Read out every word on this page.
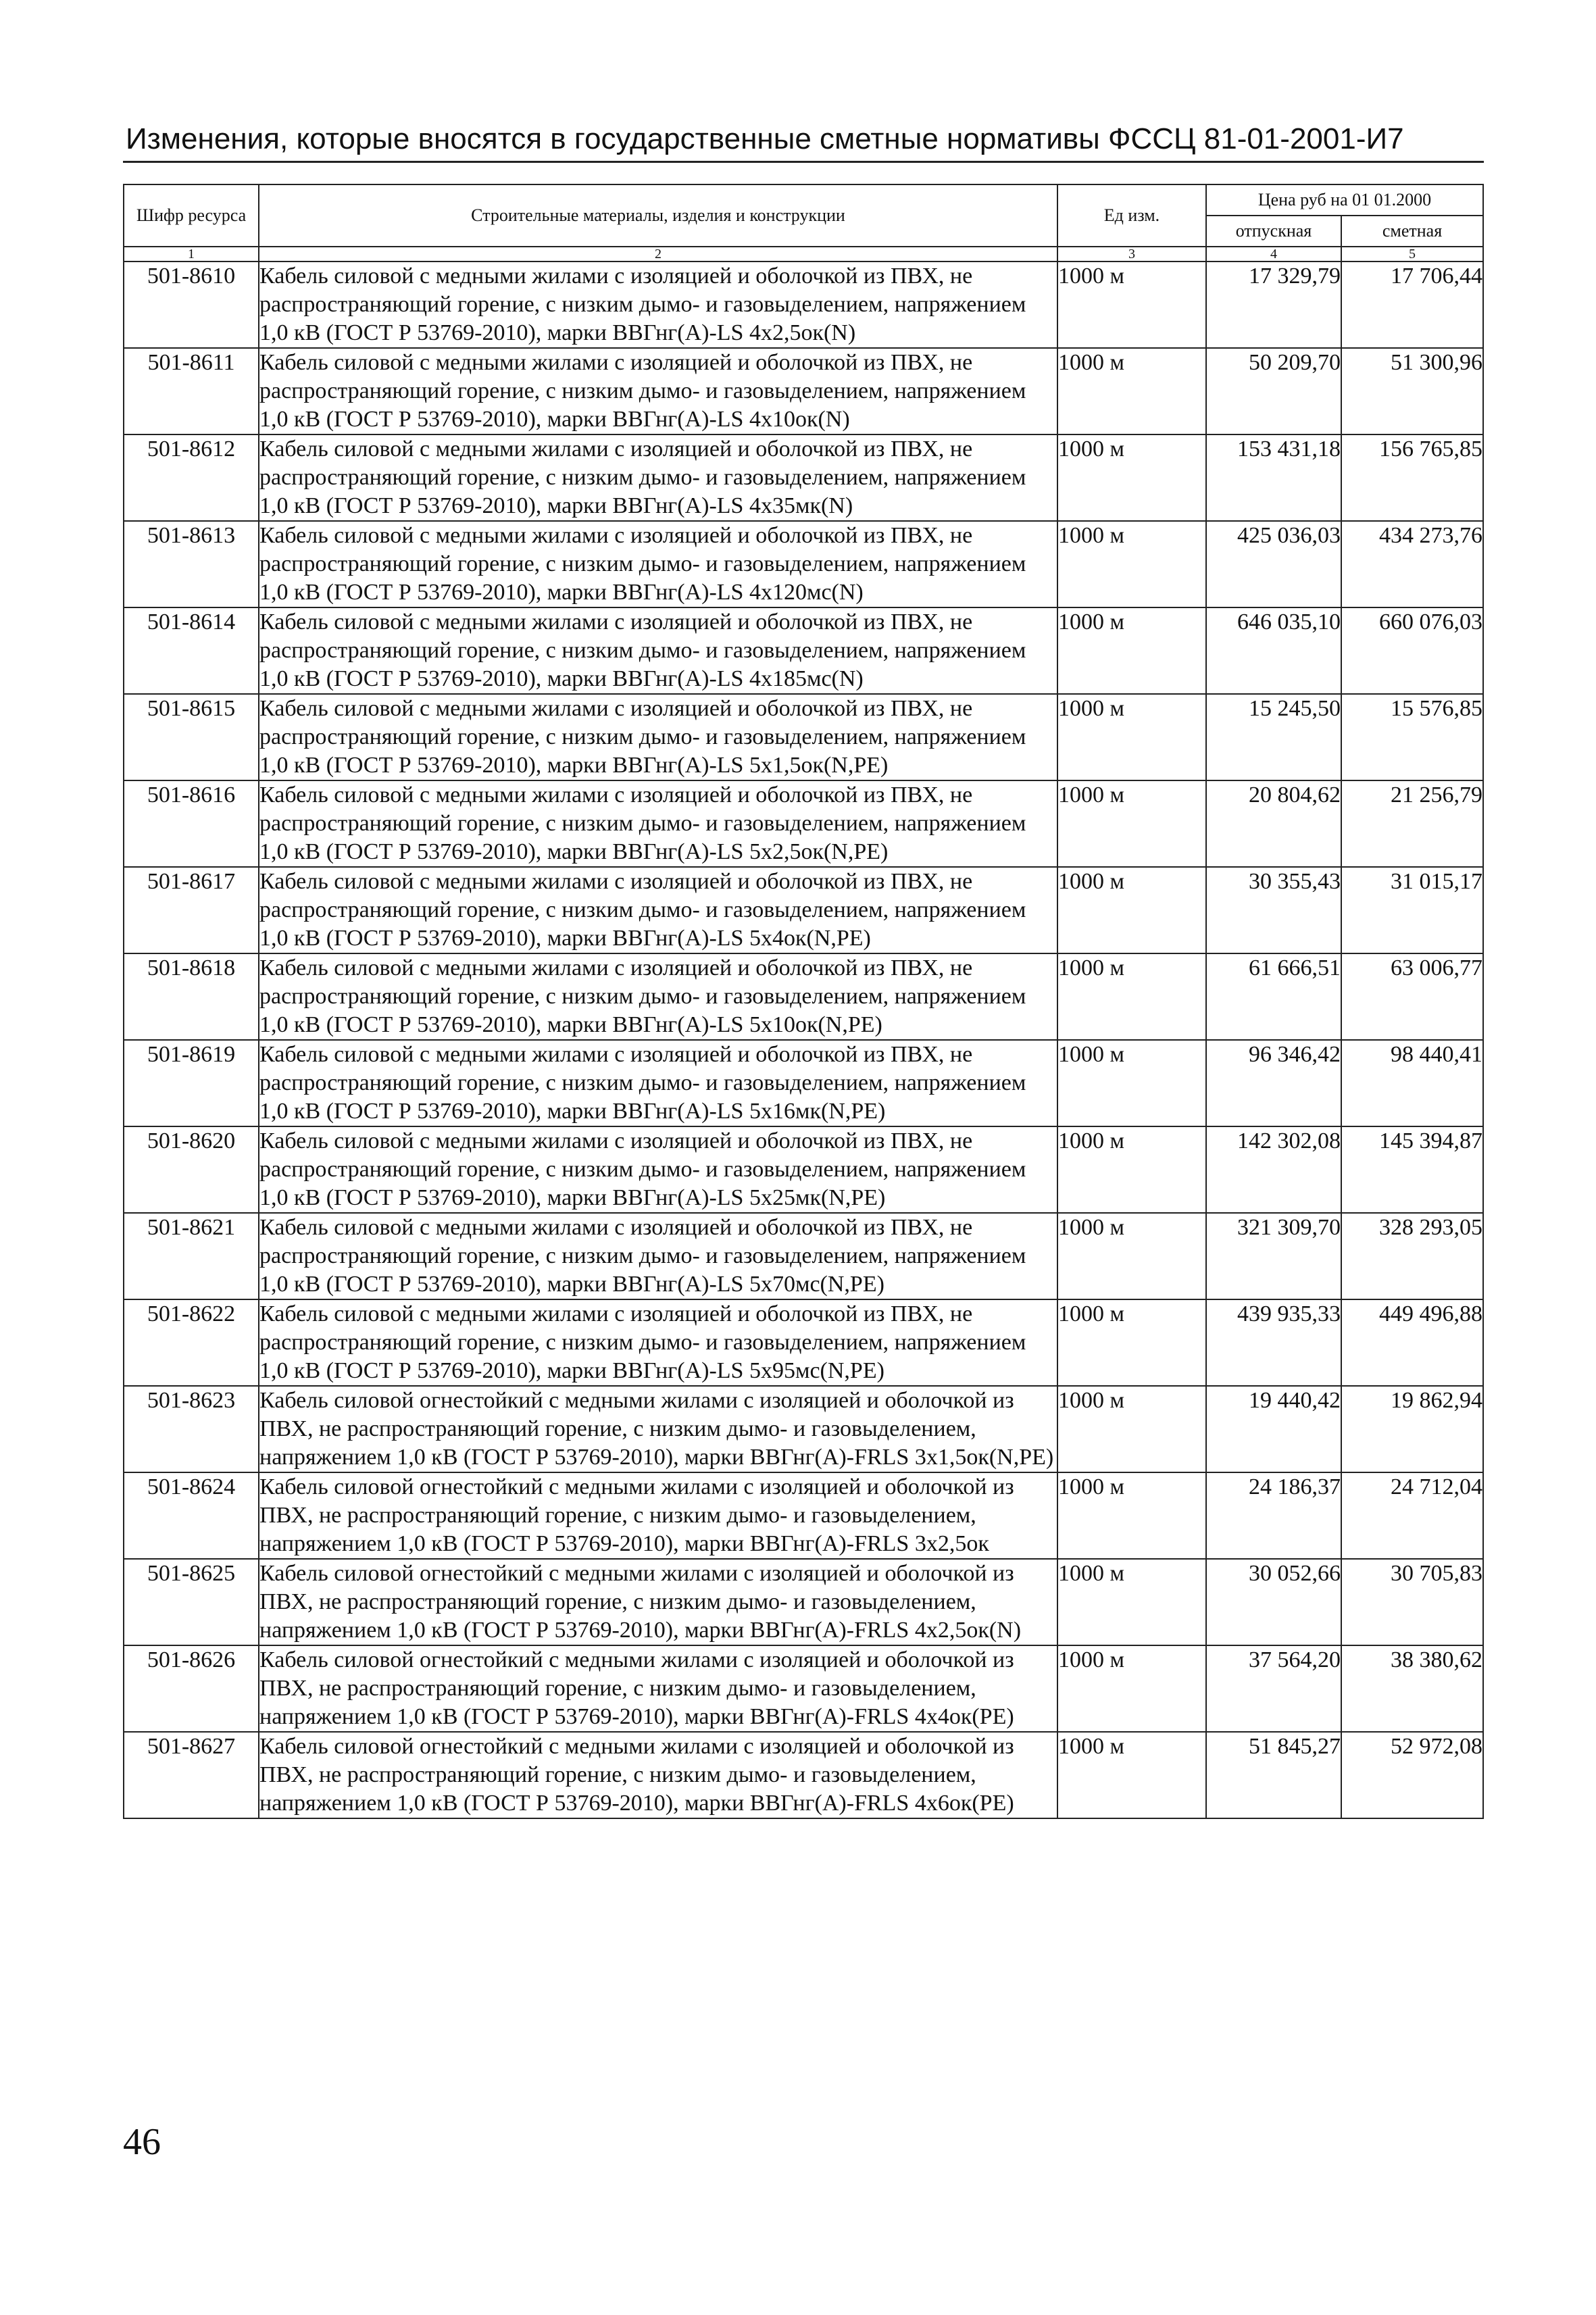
Изменения, которые вносятся в государственные сметные нормативы ФССЦ 81-01-2001-И7
Шифр ресурса	Строительные материалы, изделия и конструкции	Ед изм.	Цена руб на 01 01.2000	
			отпускная	сметная
1	2	3	4	5
501-8610	Кабель силовой с медными жилами с изоляцией и оболочкой из ПВХ, не распространяющий горение, с низким дымо- и газовыделением, напряжением 1,0 кВ (ГОСТ Р 53769-2010), марки ВВГнг(А)-LS 4х2,5ок(N)	1000 м	17 329,79	17 706,44
501-8611	Кабель силовой с медными жилами с изоляцией и оболочкой из ПВХ, не распространяющий горение, с низким дымо- и газовыделением, напряжением 1,0 кВ (ГОСТ Р 53769-2010), марки ВВГнг(А)-LS 4х10ок(N)	1000 м	50 209,70	51 300,96
501-8612	Кабель силовой с медными жилами с изоляцией и оболочкой из ПВХ, не распространяющий горение, с низким дымо- и газовыделением, напряжением 1,0 кВ (ГОСТ Р 53769-2010), марки ВВГнг(А)-LS 4х35мк(N)	1000 м	153 431,18	156 765,85
501-8613	Кабель силовой с медными жилами с изоляцией и оболочкой из ПВХ, не распространяющий горение, с низким дымо- и газовыделением, напряжением 1,0 кВ (ГОСТ Р 53769-2010), марки ВВГнг(А)-LS 4х120мс(N)	1000 м	425 036,03	434 273,76
501-8614	Кабель силовой с медными жилами с изоляцией и оболочкой из ПВХ, не распространяющий горение, с низким дымо- и газовыделением, напряжением 1,0 кВ (ГОСТ Р 53769-2010), марки ВВГнг(А)-LS 4х185мс(N)	1000 м	646 035,10	660 076,03
501-8615	Кабель силовой с медными жилами с изоляцией и оболочкой из ПВХ, не распространяющий горение, с низким дымо- и газовыделением, напряжением 1,0 кВ (ГОСТ Р 53769-2010), марки ВВГнг(А)-LS 5х1,5ок(N,PE)	1000 м	15 245,50	15 576,85
501-8616	Кабель силовой с медными жилами с изоляцией и оболочкой из ПВХ, не распространяющий горение, с низким дымо- и газовыделением, напряжением 1,0 кВ (ГОСТ Р 53769-2010), марки ВВГнг(А)-LS 5х2,5ок(N,PE)	1000 м	20 804,62	21 256,79
501-8617	Кабель силовой с медными жилами с изоляцией и оболочкой из ПВХ, не распространяющий горение, с низким дымо- и газовыделением, напряжением 1,0 кВ (ГОСТ Р 53769-2010), марки ВВГнг(А)-LS 5х4ок(N,PE)	1000 м	30 355,43	31 015,17
501-8618	Кабель силовой с медными жилами с изоляцией и оболочкой из ПВХ, не распространяющий горение, с низким дымо- и газовыделением, напряжением 1,0 кВ (ГОСТ Р 53769-2010), марки ВВГнг(А)-LS 5х10ок(N,PE)	1000 м	61 666,51	63 006,77
501-8619	Кабель силовой с медными жилами с изоляцией и оболочкой из ПВХ, не распространяющий горение, с низким дымо- и газовыделением, напряжением 1,0 кВ (ГОСТ Р 53769-2010), марки ВВГнг(А)-LS 5х16мк(N,PE)	1000 м	96 346,42	98 440,41
501-8620	Кабель силовой с медными жилами с изоляцией и оболочкой из ПВХ, не распространяющий горение, с низким дымо- и газовыделением, напряжением 1,0 кВ (ГОСТ Р 53769-2010), марки ВВГнг(А)-LS 5х25мк(N,PE)	1000 м	142 302,08	145 394,87
501-8621	Кабель силовой с медными жилами с изоляцией и оболочкой из ПВХ, не распространяющий горение, с низким дымо- и газовыделением, напряжением 1,0 кВ (ГОСТ Р 53769-2010), марки ВВГнг(А)-LS 5х70мс(N,PE)	1000 м	321 309,70	328 293,05
501-8622	Кабель силовой с медными жилами с изоляцией и оболочкой из ПВХ, не распространяющий горение, с низким дымо- и газовыделением, напряжением 1,0 кВ (ГОСТ Р 53769-2010), марки ВВГнг(А)-LS 5х95мс(N,PE)	1000 м	439 935,33	449 496,88
501-8623	Кабель силовой огнестойкий с медными жилами с изоляцией и оболочкой из ПВХ, не распространяющий горение, с низким дымо- и газовыделением, напряжением 1,0 кВ (ГОСТ Р 53769-2010), марки ВВГнг(А)-FRLS 3х1,5ок(N,PE)	1000 м	19 440,42	19 862,94
501-8624	Кабель силовой огнестойкий с медными жилами с изоляцией и оболочкой из ПВХ, не распространяющий горение, с низким дымо- и газовыделением, напряжением 1,0 кВ (ГОСТ Р 53769-2010), марки ВВГнг(А)-FRLS 3х2,5ок	1000 м	24 186,37	24 712,04
501-8625	Кабель силовой огнестойкий с медными жилами с изоляцией и оболочкой из ПВХ, не распространяющий горение, с низким дымо- и газовыделением, напряжением 1,0 кВ (ГОСТ Р 53769-2010), марки ВВГнг(А)-FRLS 4х2,5ок(N)	1000 м	30 052,66	30 705,83
501-8626	Кабель силовой огнестойкий с медными жилами с изоляцией и оболочкой из ПВХ, не распространяющий горение, с низким дымо- и газовыделением, напряжением 1,0 кВ (ГОСТ Р 53769-2010), марки ВВГнг(А)-FRLS 4х4ок(PE)	1000 м	37 564,20	38 380,62
501-8627	Кабель силовой огнестойкий с медными жилами с изоляцией и оболочкой из ПВХ, не распространяющий горение, с низким дымо- и газовыделением, напряжением 1,0 кВ (ГОСТ Р 53769-2010), марки ВВГнг(А)-FRLS 4х6ок(PE)	1000 м	51 845,27	52 972,08
46
